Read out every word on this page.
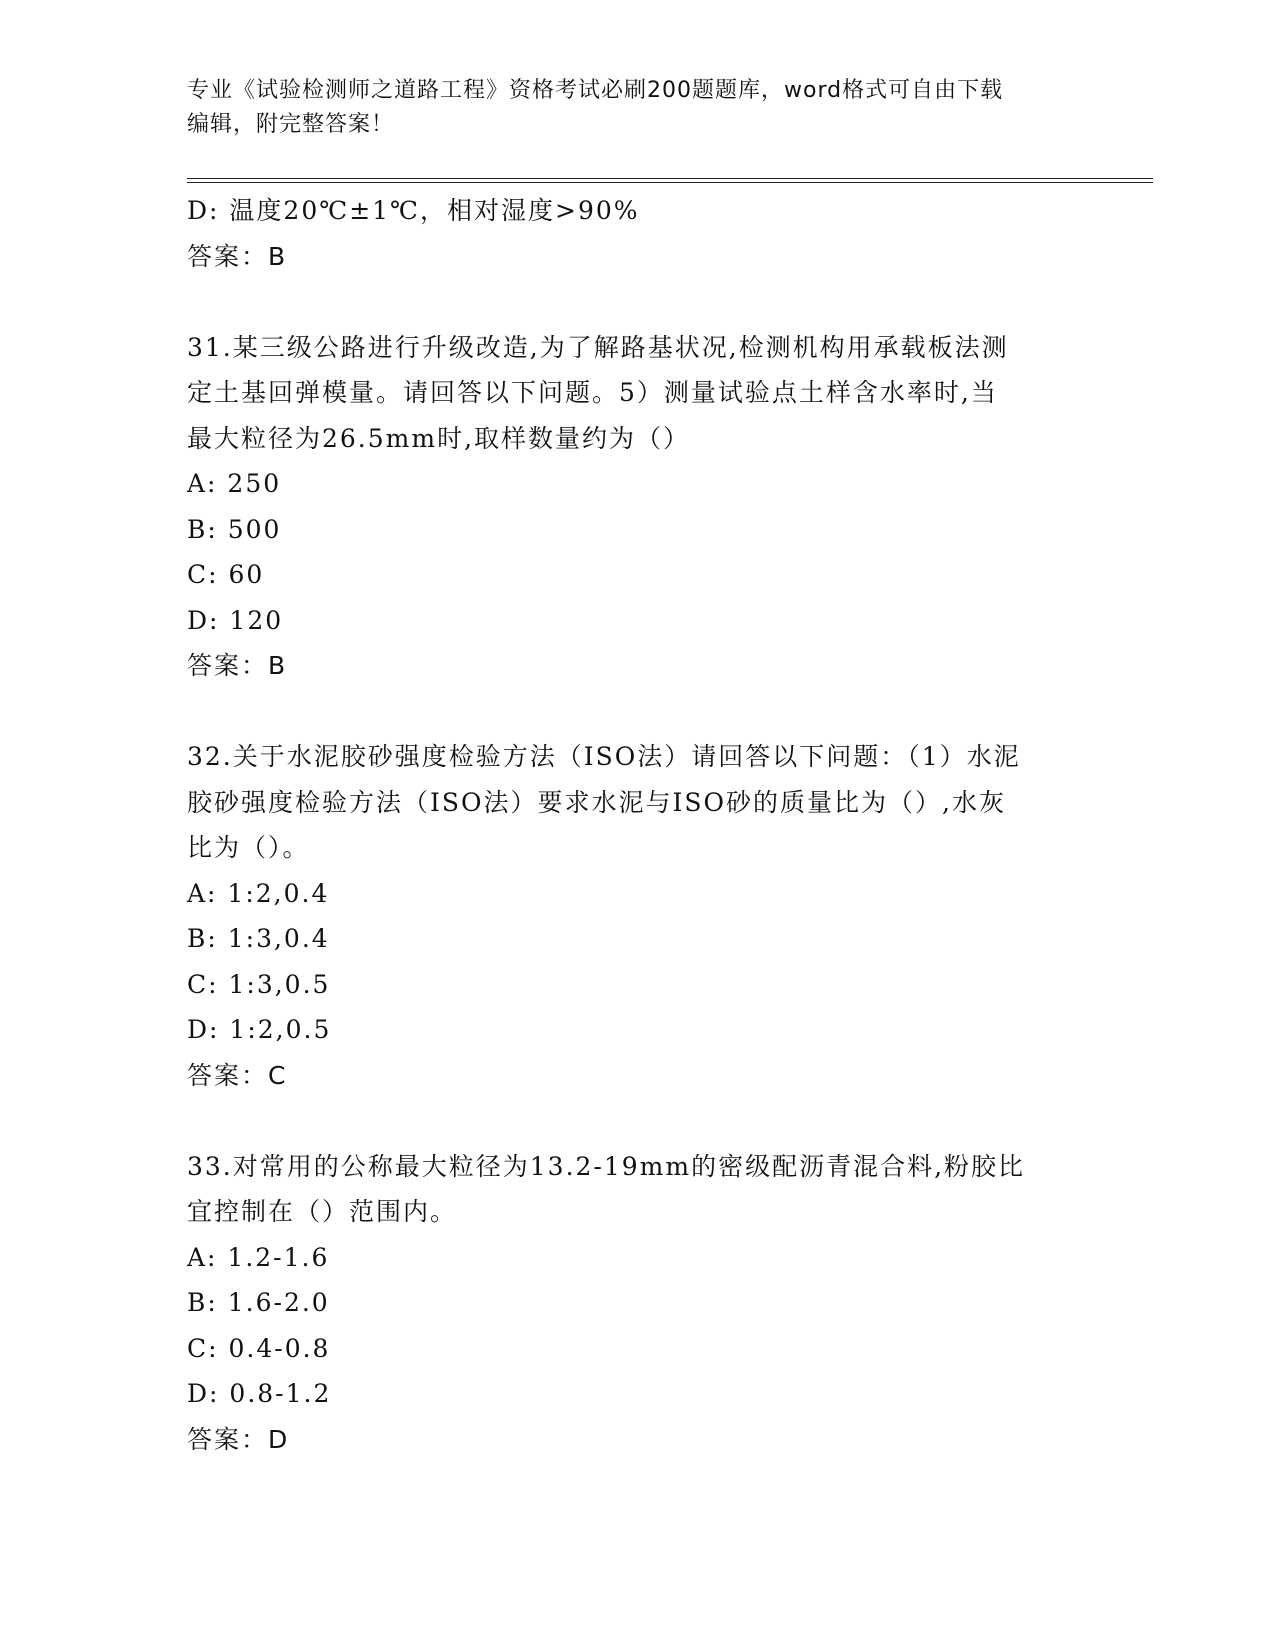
专业《试验检测师之道路工程》资格考试必刷200题题库，word格式可自由下载
编辑，附完整答案！
D: 温度20℃±1℃，相对湿度>90%
答案：B
31.某三级公路进行升级改造,为了解路基状况,检测机构用承载板法测
定土基回弹模量。请回答以下问题。5）测量试验点土样含水率时,当
最大粒径为26.5mm时,取样数量约为（）
A: 250
B: 500
C: 60
D: 120
答案：B
32.关于水泥胶砂强度检验方法（ISO法）请回答以下问题：（1）水泥
胶砂强度检验方法（ISO法）要求水泥与ISO砂的质量比为（）,水灰
比为（）。
A: 1:2,0.4
B: 1:3,0.4
C: 1:3,0.5
D: 1:2,0.5
答案：C
33.对常用的公称最大粒径为13.2-19mm的密级配沥青混合料,粉胶比
宜控制在（）范围内。
A: 1.2-1.6
B: 1.6-2.0
C: 0.4-0.8
D: 0.8-1.2
答案：D
